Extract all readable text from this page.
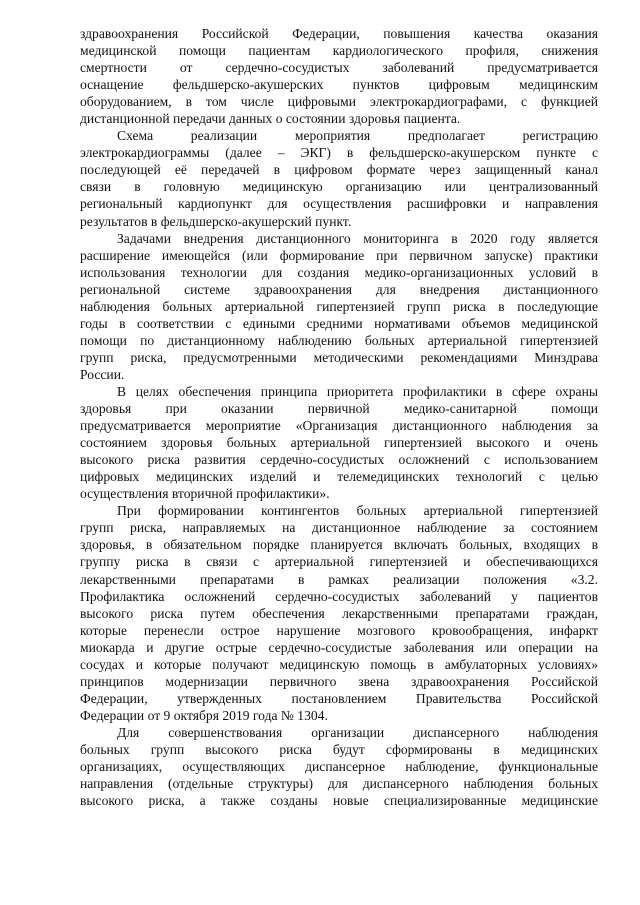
здравоохранения Российской Федерации, повышения качества оказания
медицинской помощи пациентам кардиологического профиля, снижения
смертности от сердечно-сосудистых заболеваний предусматривается
оснащение фельдшерско-акушерских пунктов цифровым медицинским
оборудованием, в том числе цифровыми электрокардиографами, с функцией
дистанционной передачи данных о состоянии здоровья пациента.
Схема реализации мероприятия предполагает регистрацию
электрокардиограммы (далее – ЭКГ) в фельдшерско-акушерском пункте с
последующей её передачей в цифровом формате через защищенный канал
связи в головную медицинскую организацию или централизованный
региональный кардиопункт для осуществления расшифровки и направления
результатов в фельдшерско-акушерский пункт.
Задачами внедрения дистанционного мониторинга в 2020 году является
расширение имеющейся (или формирование при первичном запуске) практики
использования технологии для создания медико-организационных условий в
региональной системе здравоохранения для внедрения дистанционного
наблюдения больных артериальной гипертензией групп риска в последующие
годы в соответствии с едиными средними нормативами объемов медицинской
помощи по дистанционному наблюдению больных артериальной гипертензией
групп риска, предусмотренными методическими рекомендациями Минздрава
России.
В целях обеспечения принципа приоритета профилактики в сфере охраны
здоровья при оказании первичной медико-санитарной помощи
предусматривается мероприятие «Организация дистанционного наблюдения за
состоянием здоровья больных артериальной гипертензией высокого и очень
высокого риска развития сердечно-сосудистых осложнений с использованием
цифровых медицинских изделий и телемедицинских технологий с целью
осуществления вторичной профилактики».
При формировании контингентов больных артериальной гипертензией
групп риска, направляемых на дистанционное наблюдение за состоянием
здоровья, в обязательном порядке планируется включать больных, входящих в
группу риска в связи с артериальной гипертензией и обеспечивающихся
лекарственными препаратами в рамках реализации положения «3.2.
Профилактика осложнений сердечно-сосудистых заболеваний у пациентов
высокого риска путем обеспечения лекарственными препаратами граждан,
которые перенесли острое нарушение мозгового кровообращения, инфаркт
миокарда и другие острые сердечно-сосудистые заболевания или операции на
сосудах и которые получают медицинскую помощь в амбулаторных условиях»
принципов модернизации первичного звена здравоохранения Российской
Федерации, утвержденных постановлением Правительства Российской
Федерации от 9 октября 2019 года № 1304.
Для совершенствования организации диспансерного наблюдения
больных групп высокого риска будут сформированы в медицинских
организациях, осуществляющих диспансерное наблюдение, функциональные
направления (отдельные структуры) для диспансерного наблюдения больных
высокого риска, а также созданы новые специализированные медицинские
